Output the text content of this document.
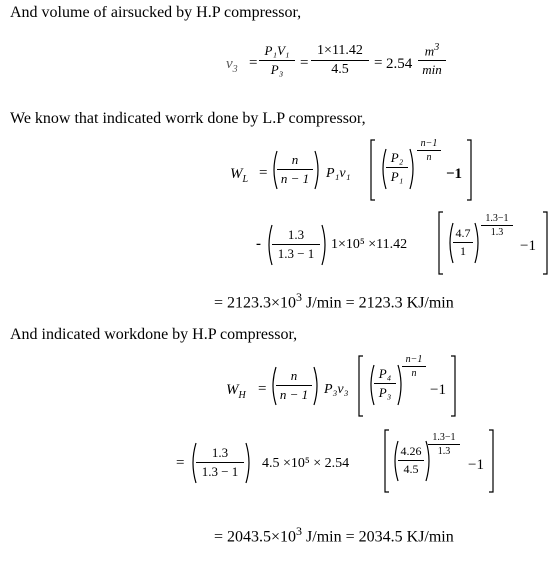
And volume of airsucked by H.P compressor,
We know that indicated worrk done by L.P compressor,
And indicated workdone by H.P compressor,
$v_3$ =
P₁V₁
P₃	=
1×11.42
4.5	= 2.54
$m^3$
min
$W_L$ =
n
n − 1 P₁v₁
P₂
P₁
n−1
n
−1
-
1.3
1.3 − 1
1×10⁵ ×11.42
4.7
1
1.3−1
1.3
−1
= $2123.3\times 10^3$ J/min = 2123.3 KJ/min
$W_H$ =
n
n − 1 P₃v₃
P₄
P₃
n−1
n
−1
=
1.3
1.3 − 1
4.5 ×10⁵ × 2.54
4.26
4.5
1.3−1
1.3
−1
= $2043.5\times 10^3$ J/min = 2034.5 KJ/min
